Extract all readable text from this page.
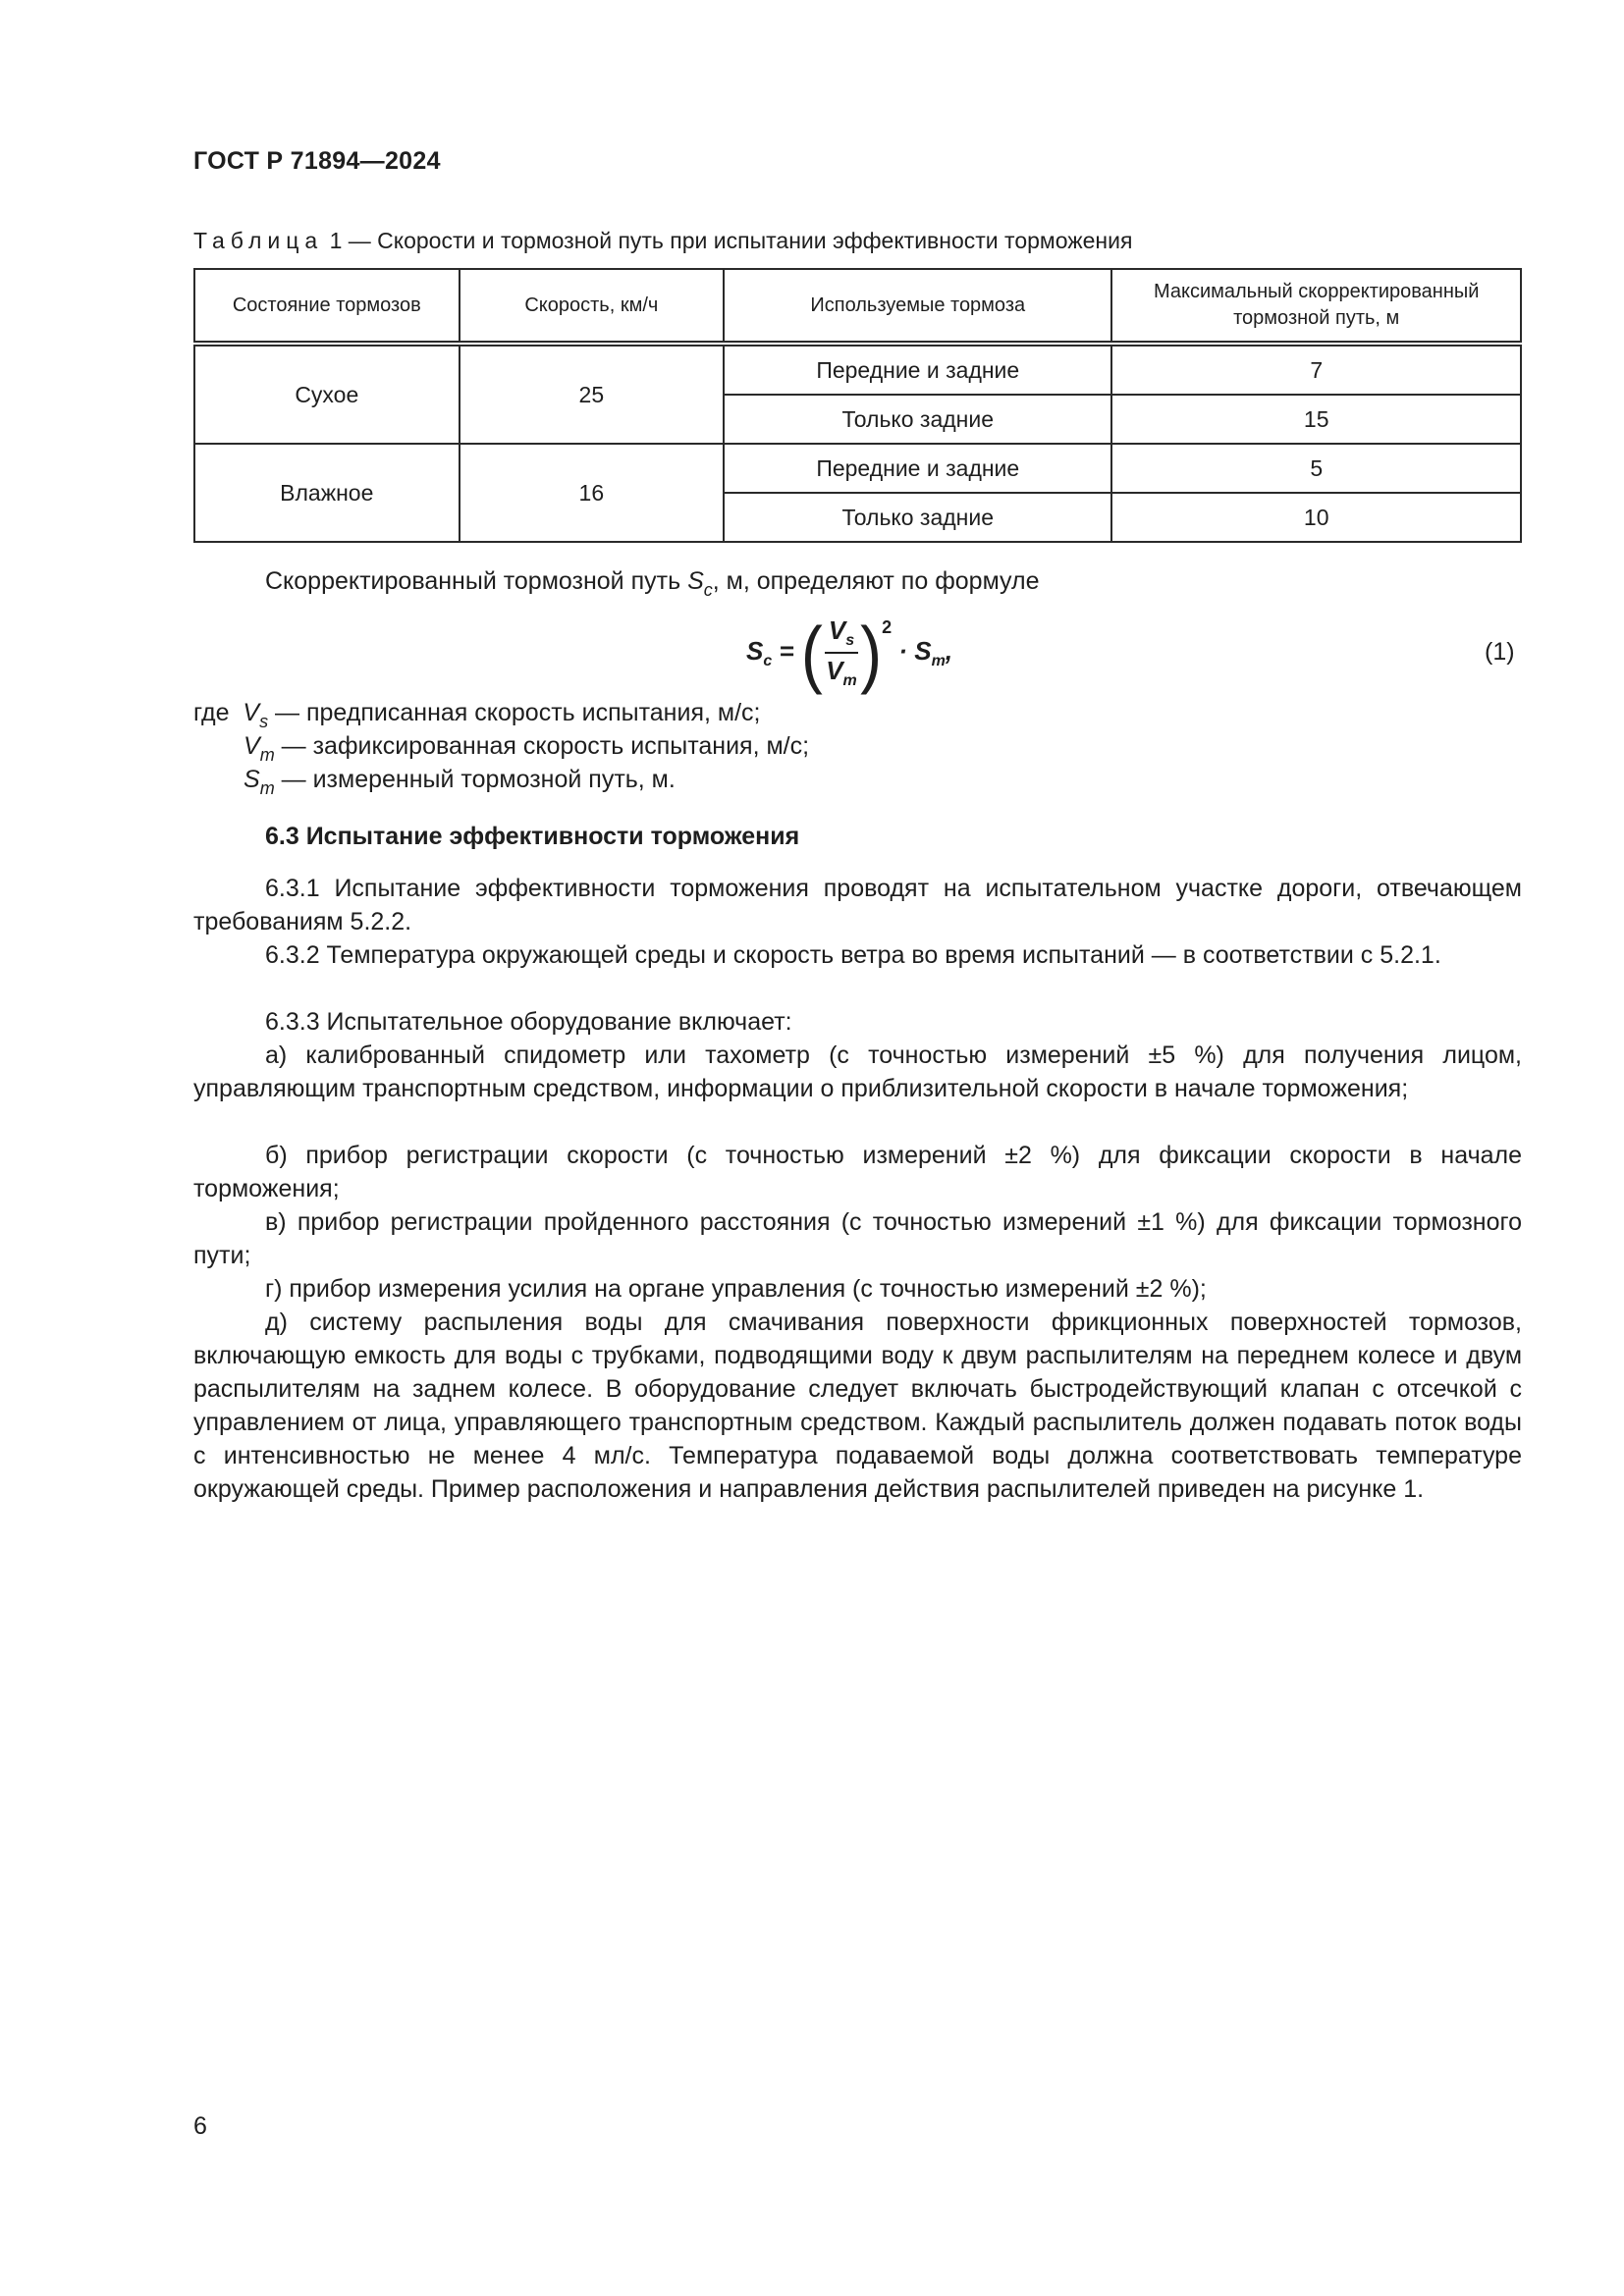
ГОСТ Р 71894—2024
Таблица 1 — Скорости и тормозной путь при испытании эффективности торможения
Состояние тормозов	Скорость, км/ч	Используемые тормоза	Максимальный скорректированный тормозной путь, м
Сухое	25	Передние и задние	7
		Только задние	15
Влажное	16	Передние и задние	5
		Только задние	10
Скорректированный тормозной путь $S_c$, м, определяют по формуле
$S_c$ = ( $\frac{V_s}{V_m}$ ) 2
· $S_m$,	(1)
где $V_s$ — предписанная скорость испытания, м/с;
$V_m$ — зафиксированная скорость испытания, м/с;
$S_m$ — измеренный тормозной путь, м.
6.3 Испытание эффективности торможения
6.3.1 Испытание эффективности торможения проводят на испытательном участке дороги, отвечающем требованиям 5.2.2.
6.3.2 Температура окружающей среды и скорость ветра во время испытаний — в соответствии с 5.2.1.
6.3.3 Испытательное оборудование включает:
а) калиброванный спидометр или тахометр (с точностью измерений ±5 %) для получения лицом, управляющим транспортным средством, информации о приблизительной скорости в начале торможения;
б) прибор регистрации скорости (с точностью измерений ±2 %) для фиксации скорости в начале торможения;
в) прибор регистрации пройденного расстояния (с точностью измерений ±1 %) для фиксации тормозного пути;
г) прибор измерения усилия на органе управления (с точностью измерений ±2 %);
д) систему распыления воды для смачивания поверхности фрикционных поверхностей тормозов, включающую емкость для воды с трубками, подводящими воду к двум распылителям на переднем колесе и двум распылителям на заднем колесе. В оборудование следует включать быстродействующий клапан с отсечкой с управлением от лица, управляющего транспортным средством. Каждый распылитель должен подавать поток воды с интенсивностью не менее 4 мл/с. Температура подаваемой воды должна соответствовать температуре окружающей среды. Пример расположения и направления действия распылителей приведен на рисунке 1.
6
